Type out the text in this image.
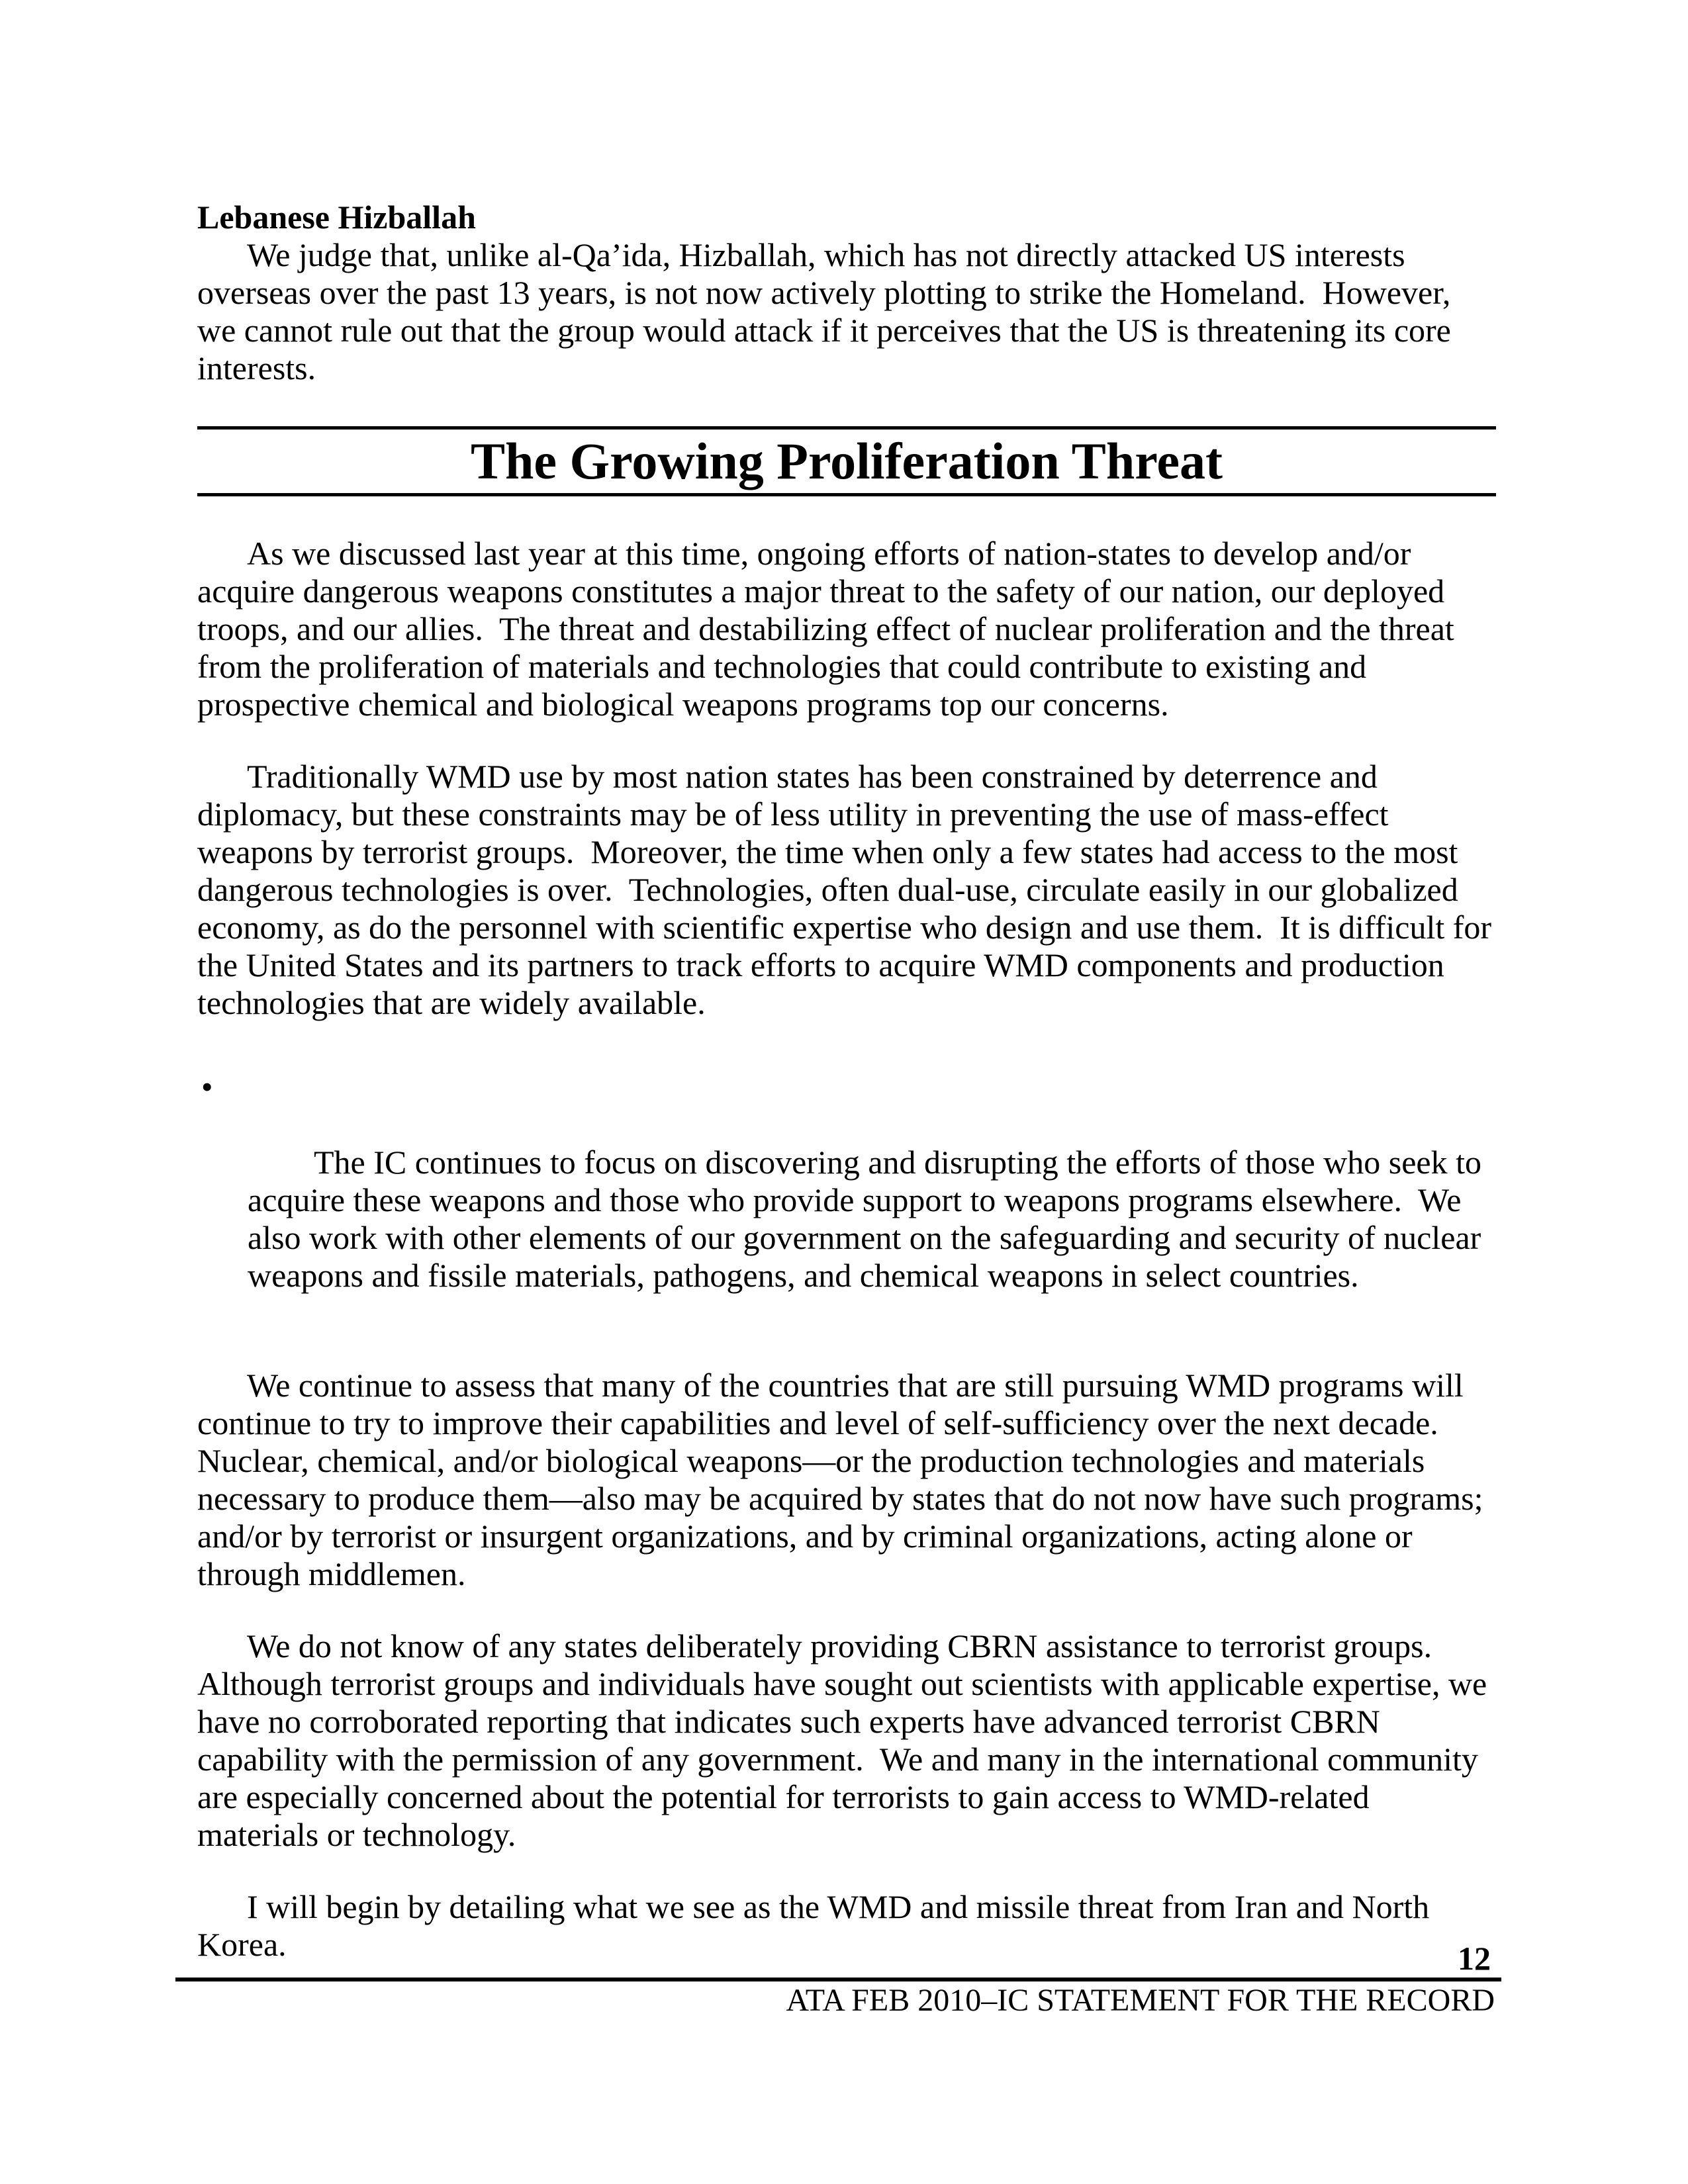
Lebanese Hizballah

We judge that, unlike al-Qa’ida, Hizballah, which has not directly attacked US interests overseas over the past 13 years, is not now actively plotting to strike the Homeland.  However, we cannot rule out that the group would attack if it perceives that the US is threatening its core interests.

The Growing Proliferation Threat

As we discussed last year at this time, ongoing efforts of nation-states to develop and/or acquire dangerous weapons constitutes a major threat to the safety of our nation, our deployed troops, and our allies.  The threat and destabilizing effect of nuclear proliferation and the threat from the proliferation of materials and technologies that could contribute to existing and prospective chemical and biological weapons programs top our concerns.

Traditionally WMD use by most nation states has been constrained by deterrence and diplomacy, but these constraints may be of less utility in preventing the use of mass-effect weapons by terrorist groups.  Moreover, the time when only a few states had access to the most dangerous technologies is over.  Technologies, often dual-use, circulate easily in our globalized economy, as do the personnel with scientific expertise who design and use them.  It is difficult for the United States and its partners to track efforts to acquire WMD components and production technologies that are widely available.

•

The IC continues to focus on discovering and disrupting the efforts of those who seek to acquire these weapons and those who provide support to weapons programs elsewhere.  We also work with other elements of our government on the safeguarding and security of nuclear weapons and fissile materials, pathogens, and chemical weapons in select countries.

We continue to assess that many of the countries that are still pursuing WMD programs will continue to try to improve their capabilities and level of self-sufficiency over the next decade.  Nuclear, chemical, and/or biological weapons—or the production technologies and materials necessary to produce them—also may be acquired by states that do not now have such programs; and/or by terrorist or insurgent organizations, and by criminal organizations, acting alone or through middlemen.

We do not know of any states deliberately providing CBRN assistance to terrorist groups.  Although terrorist groups and individuals have sought out scientists with applicable expertise, we have no corroborated reporting that indicates such experts have advanced terrorist CBRN capability with the permission of any government.  We and many in the international community are especially concerned about the potential for terrorists to gain access to WMD-related materials or technology.

I will begin by detailing what we see as the WMD and missile threat from Iran and North Korea.	12
ATA FEB 2010–IC STATEMENT FOR THE RECORD
